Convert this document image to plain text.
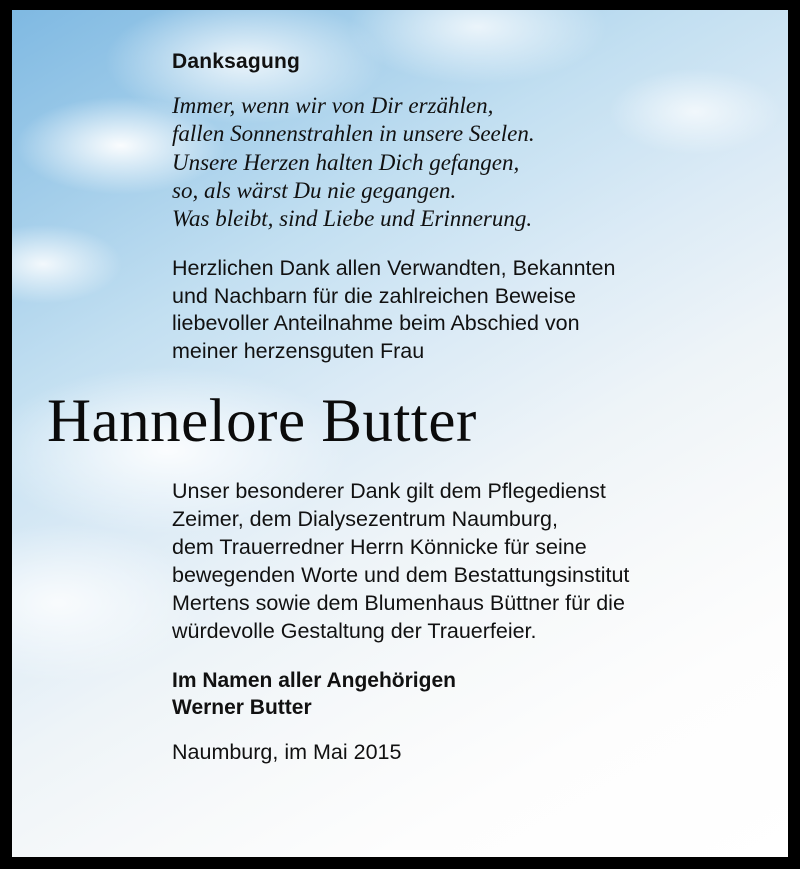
Danksagung
Immer, wenn wir von Dir erzählen,
fallen Sonnenstrahlen in unsere Seelen.
Unsere Herzen halten Dich gefangen,
so, als wärst Du nie gegangen.
Was bleibt, sind Liebe und Erinnerung.
Herzlichen Dank allen Verwandten, Bekannten
und Nachbarn für die zahlreichen Beweise
liebevoller Anteilnahme beim Abschied von
meiner herzensguten Frau
Hannelore Butter
Unser besonderer Dank gilt dem Pflegedienst
Zeimer, dem Dialysezentrum Naumburg,
dem Trauerredner Herrn Könnicke für seine
bewegenden Worte und dem Bestattungsinstitut
Mertens sowie dem Blumenhaus Büttner für die
würdevolle Gestaltung der Trauerfeier.
Im Namen aller Angehörigen
Werner Butter
Naumburg, im Mai 2015
